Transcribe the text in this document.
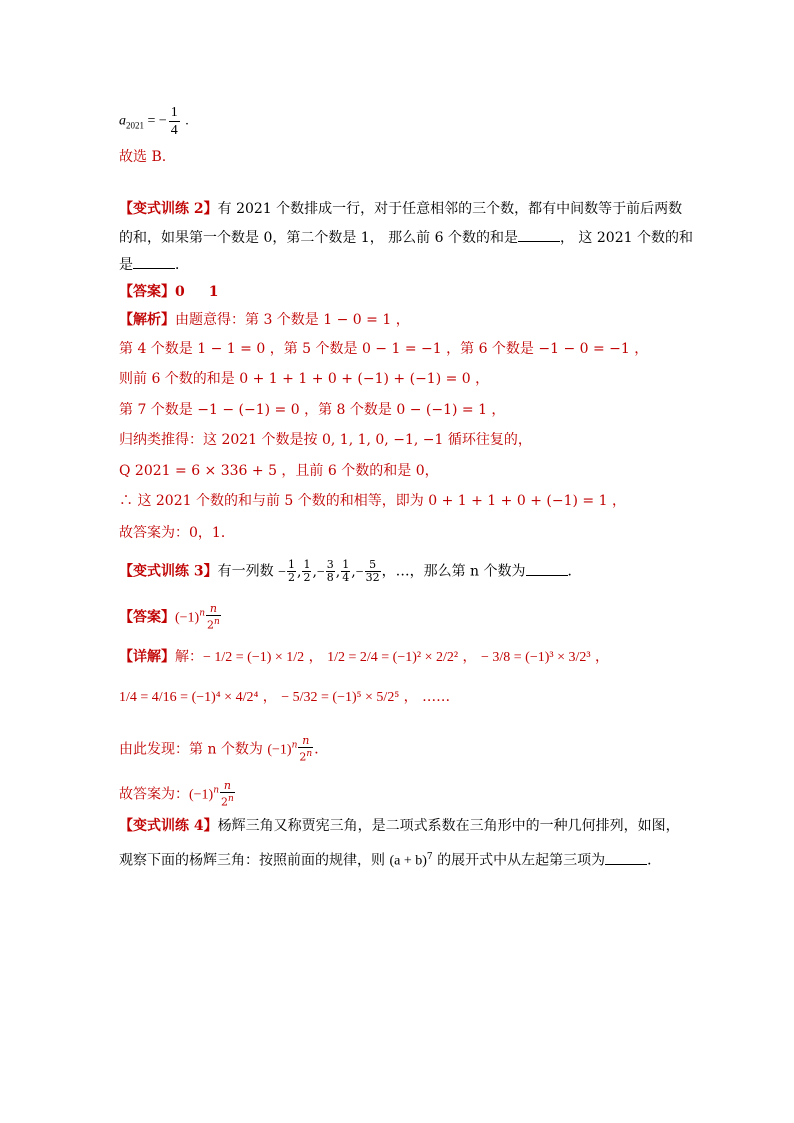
$a_{2021}$ = − $\frac{1}{4}$ .
故选 B.
【变式训练 2】有 2021 个数排成一行，对于任意相邻的三个数，都有中间数等于前后两数
的和，如果第一个数是 0，第二个数是 1， 那么前 6 个数的和是	， 这 2021 个数的和
是	．
【答案】0 1
【解析】由题意得：第 3 个数是 1 − 0 = 1 ，
第 4 个数是 1 − 1 = 0 ，第 5 个数是 0 − 1 = −1 ，第 6 个数是 −1 − 0 = −1 ，
则前 6 个数的和是 0 + 1 + 1 + 0 + (−1) + (−1) = 0 ，
第 7 个数是 −1 − (−1) = 0 ，第 8 个数是 0 − (−1) = 1 ，
归纳类推得：这 2021 个数是按 0, 1, 1, 0, −1, −1 循环往复的，
Q 2021 = 6 × 336 + 5 ，且前 6 个数的和是 0，
∴ 这 2021 个数的和与前 5 个数的和相等，即为 0 + 1 + 1 + 0 + (−1) = 1 ，
故答案为：0，1．
【变式训练 3】有一列数 − $\frac{1}{2}$ , $\frac{1}{2}$ ,− $\frac{3}{8}$ , $\frac{1}{4}$ ,− $\frac{5}{32}$ ，…，那么第 n 个数为	．
【答案】$(-1)^n \frac{n}{2^n}$
【详解】解：− 1/2 = (−1) × 1/2 ， 1/2 = 2/4 = (−1)² × 2/2² ， − 3/8 = (−1)³ × 3/2³ ，
1/4 = 4/16 = (−1)⁴ × 4/2⁴ ， − 5/32 = (−1)⁵ × 5/2⁵ ， ……
由此发现：第 n 个数为 $(-1)^n \frac{n}{2^n}$ ．
故答案为：$(-1)^n \frac{n}{2^n}$
【变式训练 4】杨辉三角又称贾宪三角，是二项式系数在三角形中的一种几何排列，如图，
观察下面的杨辉三角：按照前面的规律，则 $(a + b)^7$ 的展开式中从左起第三项为	．
